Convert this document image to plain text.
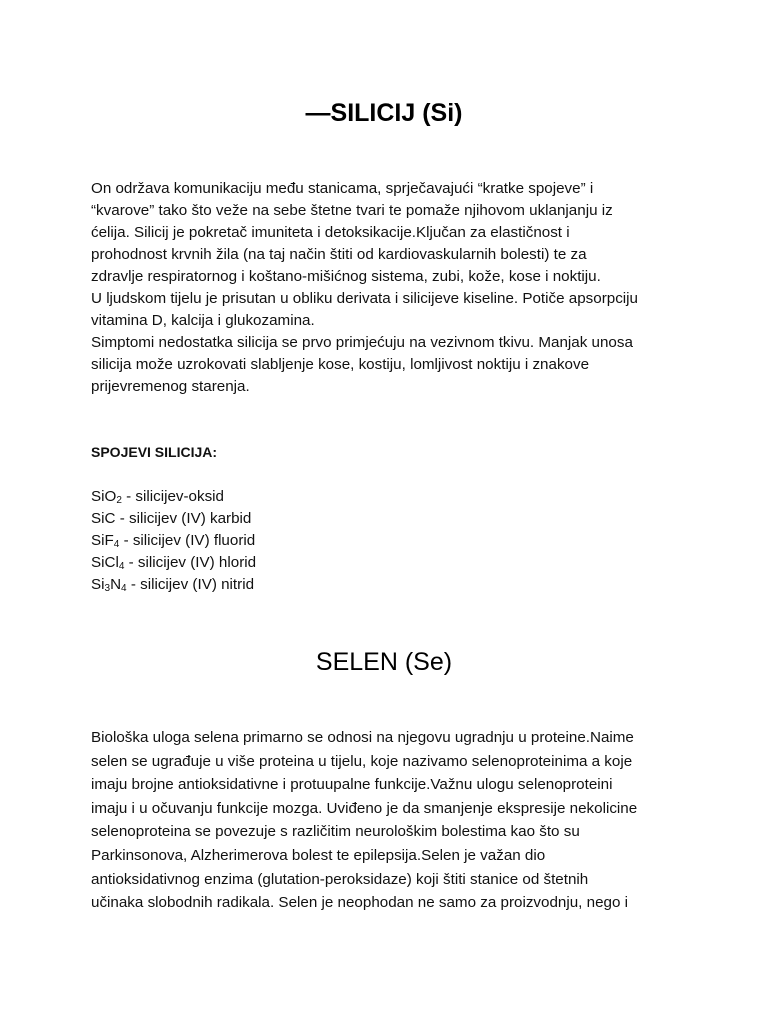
—SILICIJ (Si)

On održava komunikaciju među stanicama, sprječavajući “kratke spojeve” i
“kvarove” tako što veže na sebe štetne tvari te pomaže njihovom uklanjanju iz
ćelija. Silicij je pokretač imuniteta i detoksikacije.Ključan za elastičnost i
prohodnost krvnih žila (na taj način štiti od kardiovaskularnih bolesti) te za
zdravlje respiratornog i koštano-mišićnog sistema, zubi, kože, kose i noktiju.
U ljudskom tijelu je prisutan u obliku derivata i silicijeve kiseline. Potiče apsorpciju
vitamina D, kalcija i glukozamina.
Simptomi nedostatka silicija se prvo primjećuju na vezivnom tkivu. Manjak unosa
silicija može uzrokovati slabljenje kose, kostiju, lomljivost noktiju i znakove
prijevremenog starenja.

SPOJEVI SILICIJA:
SiO$_2$ - silicijev-oksid
SiC - silicijev (IV) karbid
SiF$_4$ - silicijev (IV) fluorid
SiCl$_4$ - silicijev (IV) hlorid
$Si_3N_4$ - silicijev (IV) nitrid
SELEN (Se)

Biološka uloga selena primarno se odnosi na njegovu ugradnju u proteine.Naime
selen se ugrađuje u više proteina u tijelu, koje nazivamo selenoproteinima a koje
imaju brojne antioksidativne i protuupalne funkcije.Važnu ulogu selenoproteini
imaju i u očuvanju funkcije mozga. Uviđeno je da smanjenje ekspresije nekolicine
selenoproteina se povezuje s različitim neurološkim bolestima kao što su
Parkinsonova, Alzherimerova bolest te epilepsija.Selen je važan dio
antioksidativnog enzima (glutation-peroksidaze) koji štiti stanice od štetnih
učinaka slobodnih radikala. Selen je neophodan ne samo za proizvodnju, nego i
